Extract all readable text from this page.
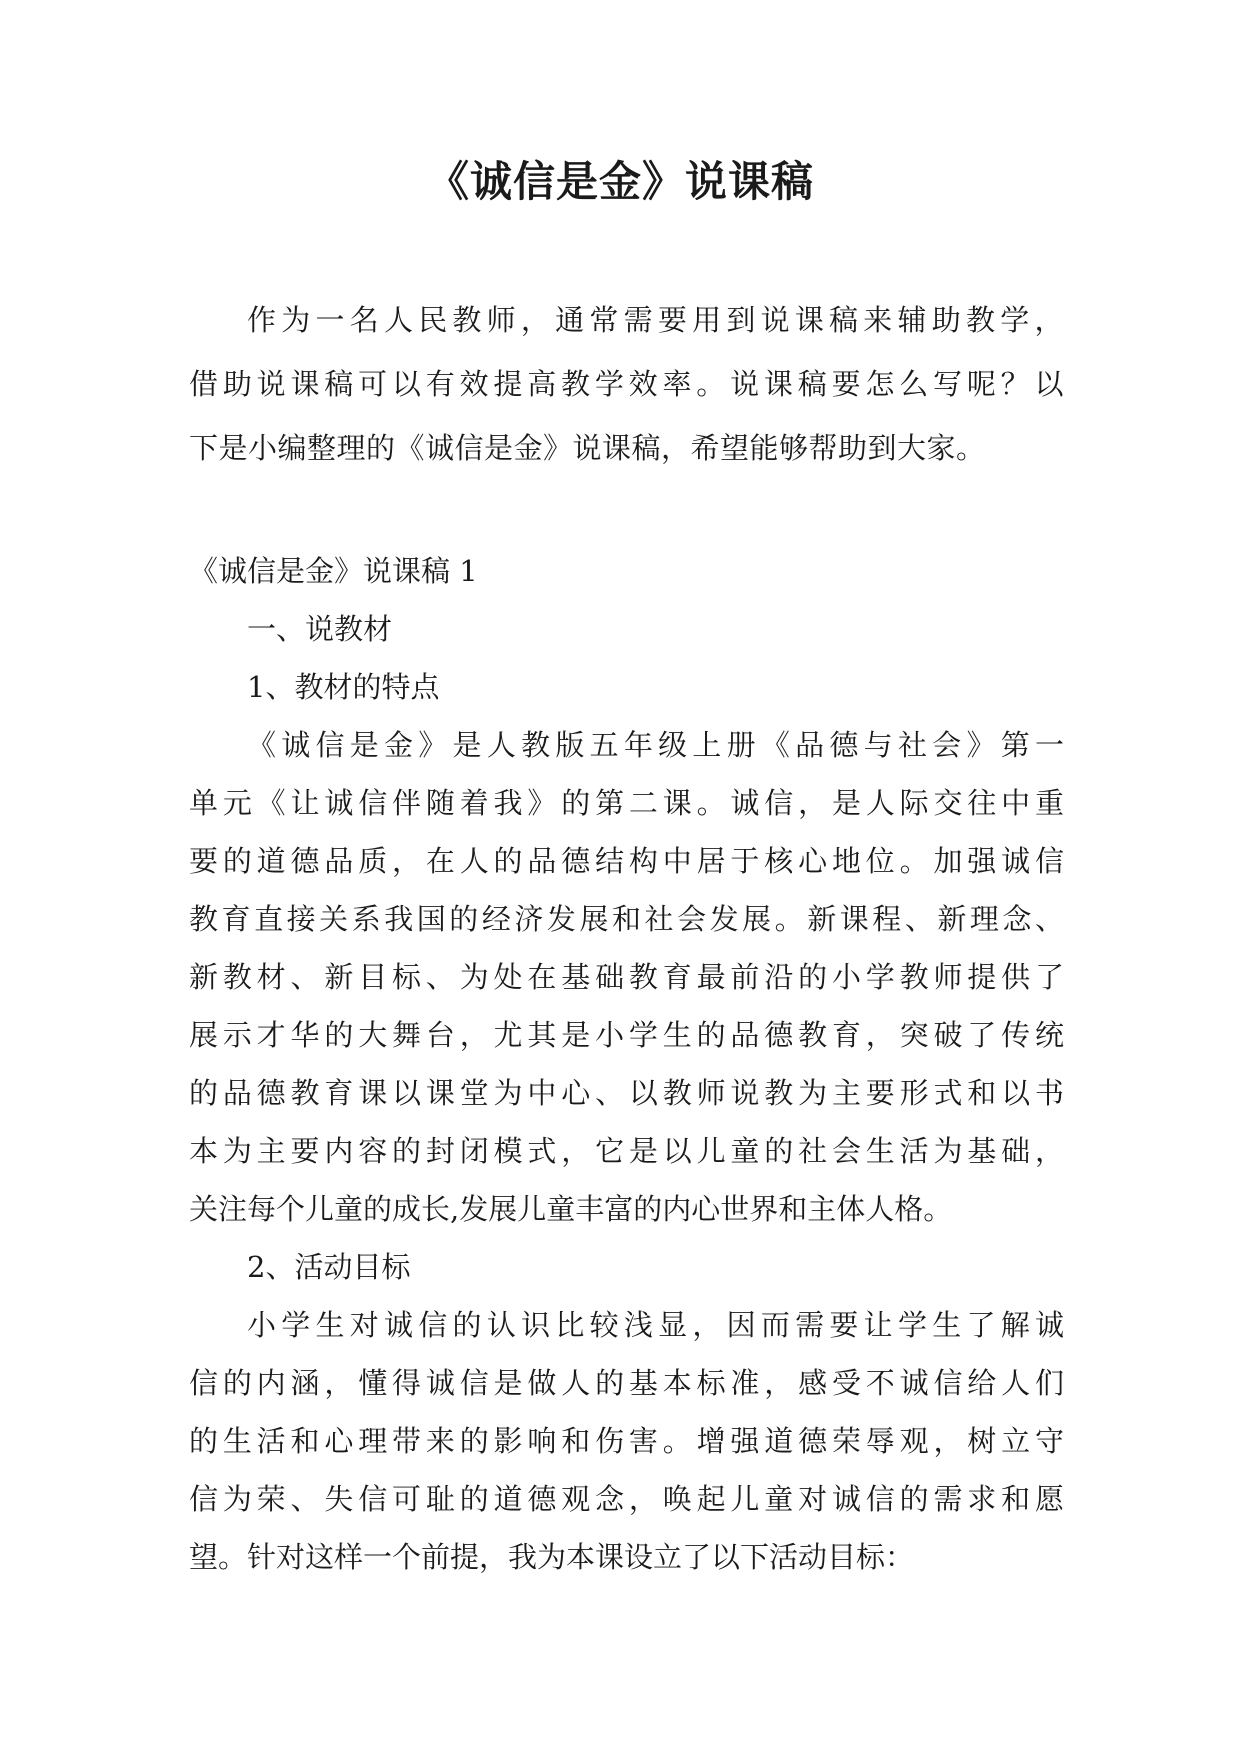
《诚信是金》说课稿
作为一名人民教师，通常需要用到说课稿来辅助教学，
借助说课稿可以有效提高教学效率。说课稿要怎么写呢？以
下是小编整理的《诚信是金》说课稿，希望能够帮助到大家。
《诚信是金》说课稿 1
一、说教材
1、教材的特点
《诚信是金》是人教版五年级上册《品德与社会》第一
单元《让诚信伴随着我》的第二课。诚信，是人际交往中重
要的道德品质，在人的品德结构中居于核心地位。加强诚信
教育直接关系我国的经济发展和社会发展。新课程、新理念、
新教材、新目标、为处在基础教育最前沿的小学教师提供了
展示才华的大舞台，尤其是小学生的品德教育，突破了传统
的品德教育课以课堂为中心、以教师说教为主要形式和以书
本为主要内容的封闭模式，它是以儿童的社会生活为基础，
关注每个儿童的成长,发展儿童丰富的内心世界和主体人格。
2、活动目标
小学生对诚信的认识比较浅显，因而需要让学生了解诚
信的内涵，懂得诚信是做人的基本标准，感受不诚信给人们
的生活和心理带来的影响和伤害。增强道德荣辱观，树立守
信为荣、失信可耻的道德观念，唤起儿童对诚信的需求和愿
望。针对这样一个前提，我为本课设立了以下活动目标：
